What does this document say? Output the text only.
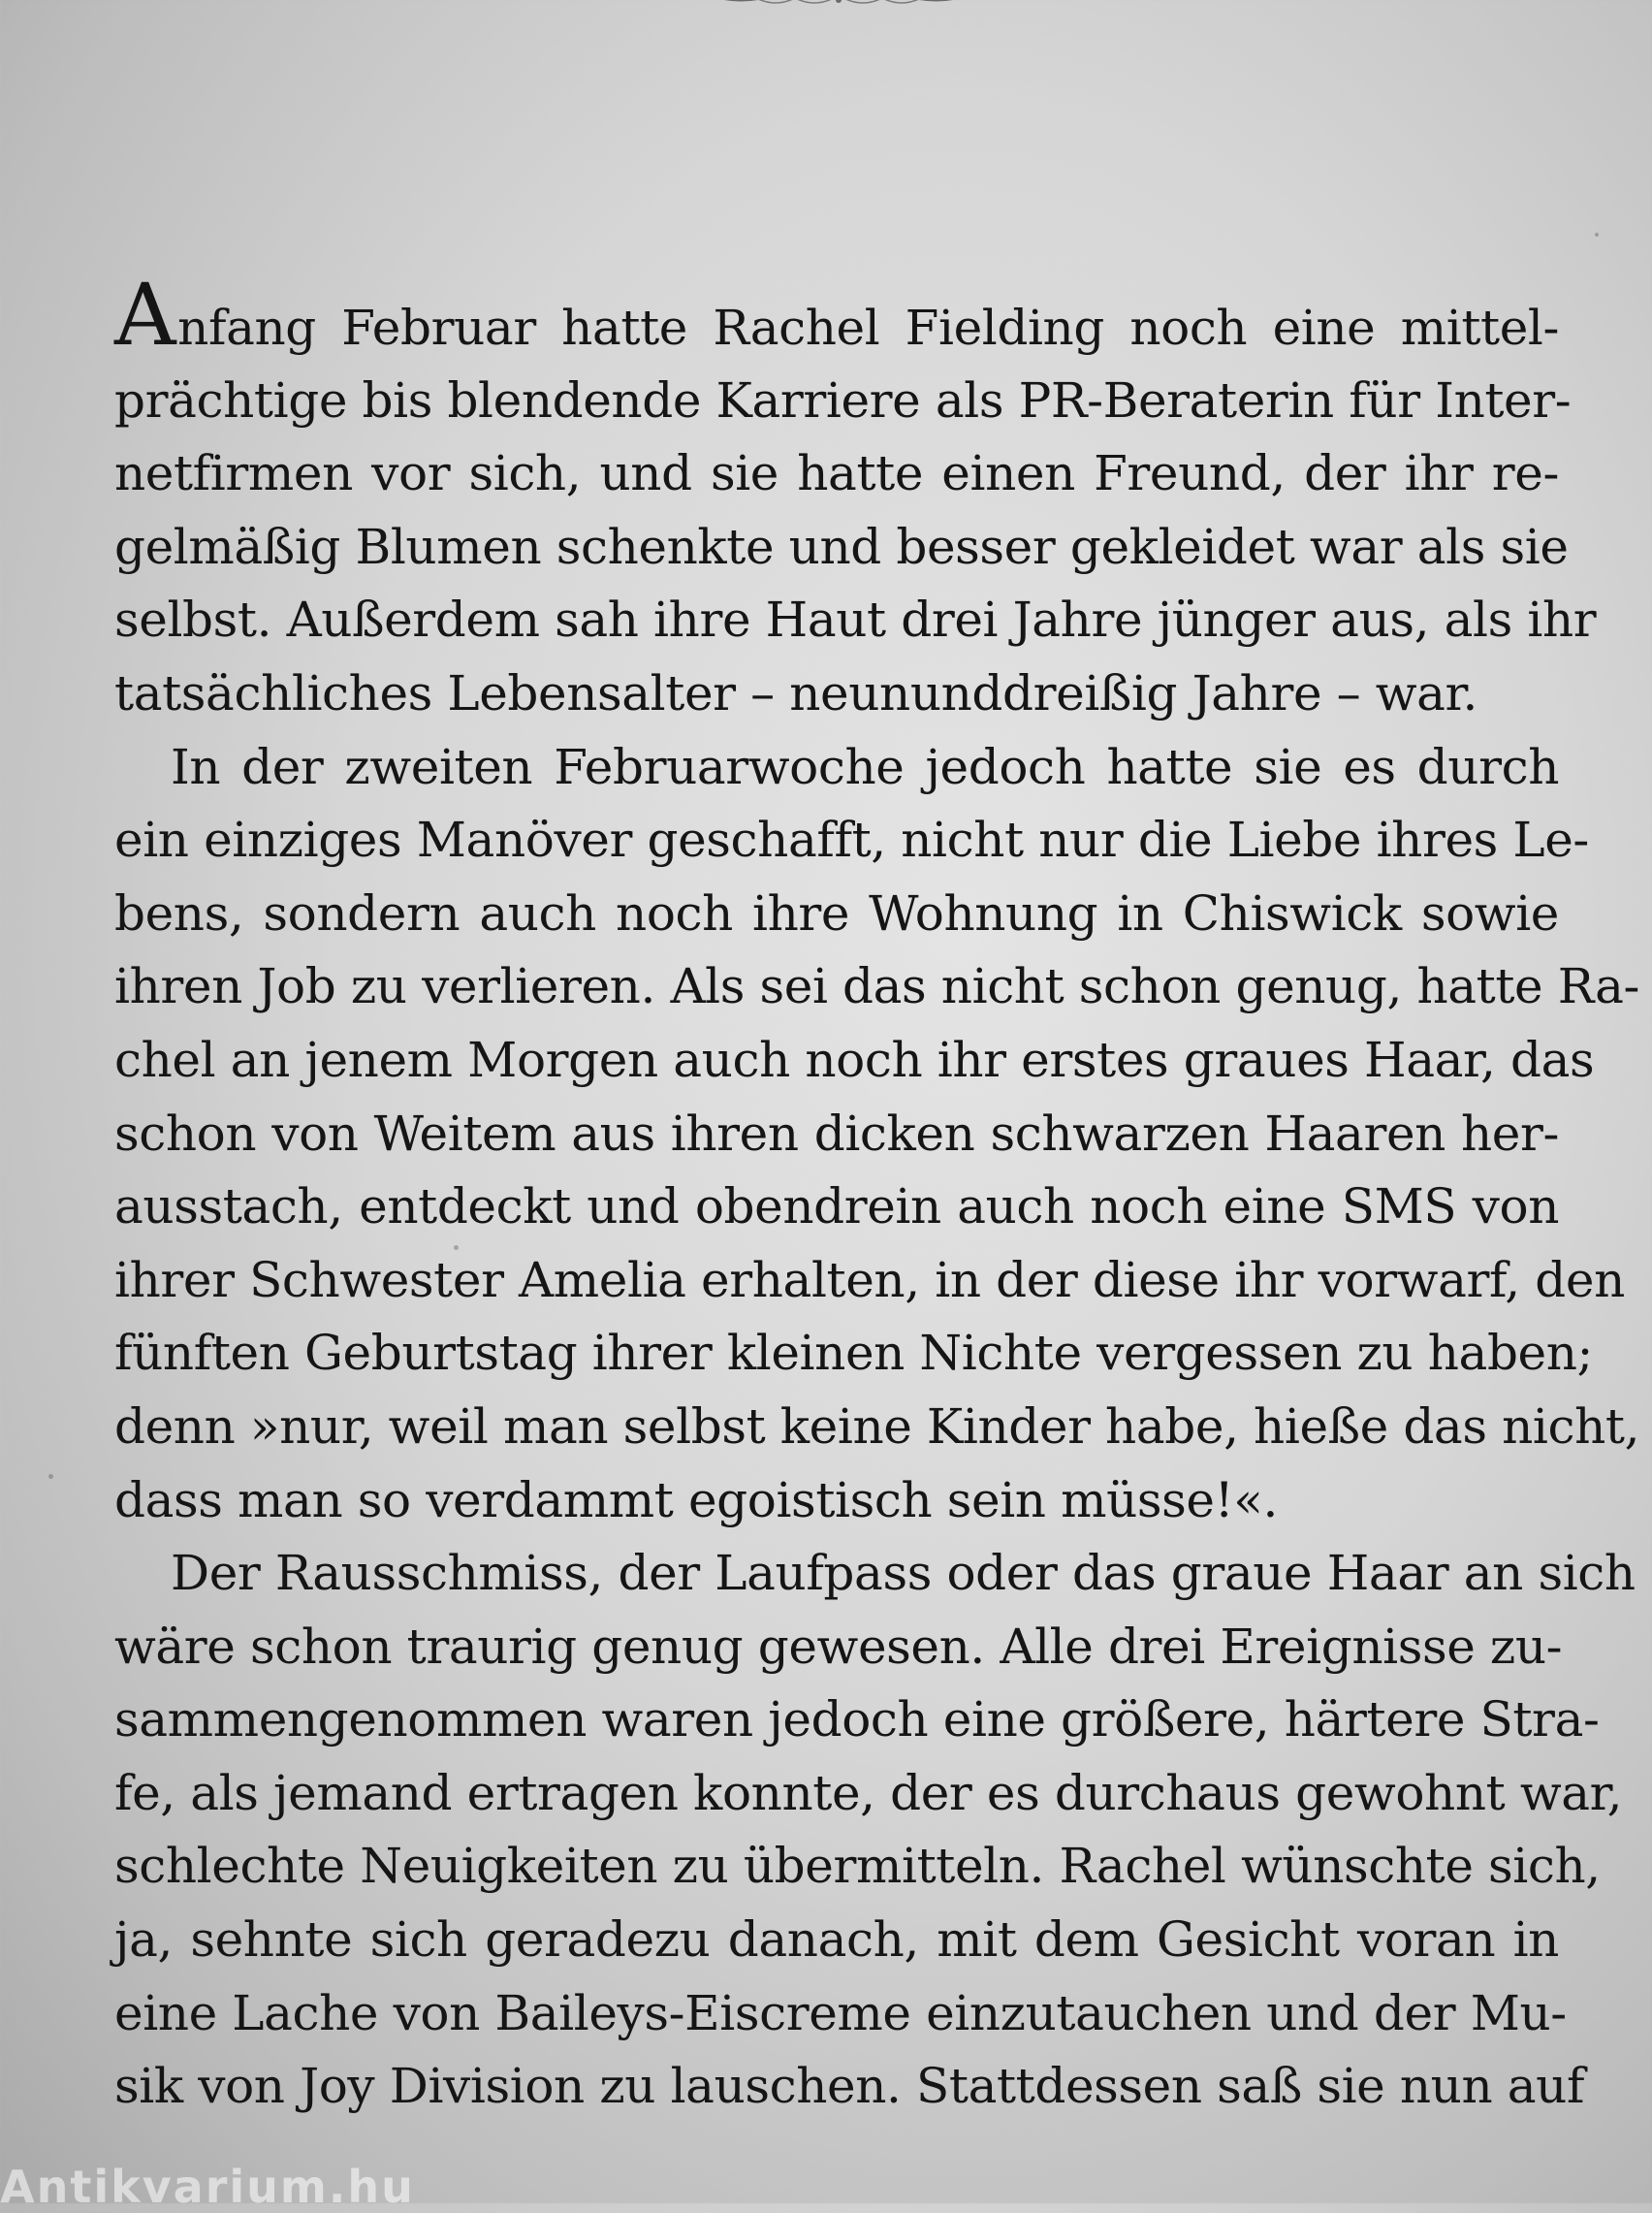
Anfang Februar hatte Rachel Fielding noch eine mittel-
prächtige bis blendende Karriere als PR-Beraterin für Inter-
netfirmen vor sich, und sie hatte einen Freund, der ihr re-
gelmäßig Blumen schenkte und besser gekleidet war als sie
selbst. Außerdem sah ihre Haut drei Jahre jünger aus, als ihr
tatsächliches Lebensalter – neununddreißig Jahre – war.
In der zweiten Februarwoche jedoch hatte sie es durch
ein einziges Manöver geschafft, nicht nur die Liebe ihres Le-
bens, sondern auch noch ihre Wohnung in Chiswick sowie
ihren Job zu verlieren. Als sei das nicht schon genug, hatte Ra-
chel an jenem Morgen auch noch ihr erstes graues Haar, das
schon von Weitem aus ihren dicken schwarzen Haaren her-
ausstach, entdeckt und obendrein auch noch eine SMS von
ihrer Schwester Amelia erhalten, in der diese ihr vorwarf, den
fünften Geburtstag ihrer kleinen Nichte vergessen zu haben;
denn »nur, weil man selbst keine Kinder habe, hieße das nicht,
dass man so verdammt egoistisch sein müsse!«.
Der Rausschmiss, der Laufpass oder das graue Haar an sich
wäre schon traurig genug gewesen. Alle drei Ereignisse zu-
sammengenommen waren jedoch eine größere, härtere Stra-
fe, als jemand ertragen konnte, der es durchaus gewohnt war,
schlechte Neuigkeiten zu übermitteln. Rachel wünschte sich,
ja, sehnte sich geradezu danach, mit dem Gesicht voran in
eine Lache von Baileys-Eiscreme einzutauchen und der Mu-
sik von Joy Division zu lauschen. Stattdessen saß sie nun auf
Antikvarium.hu
